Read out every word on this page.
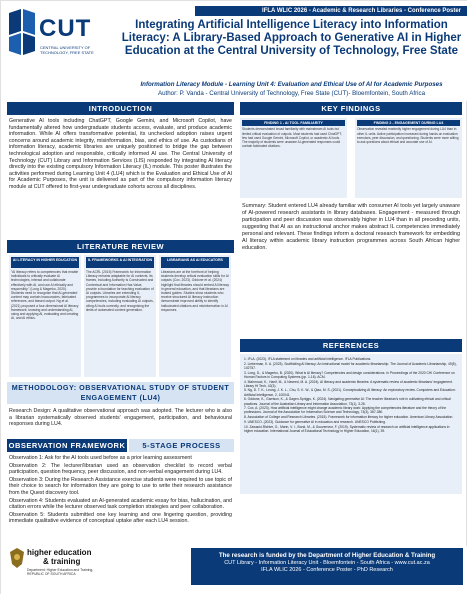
CUT
CENTRAL UNIVERSITY OF TECHNOLOGY, FREE STATE
IFLA WLIC 2026 - Academic & Research Libraries - Conference Poster
Integrating Artificial Intelligence Literacy into Information Literacy: A Library-Based Approach to Generative AI in Higher Education at the Central University of Technology, Free State
Information Literacy Module - Learning Unit 4: Evaluation and Ethical Use of AI for Academic Purposes
Author: P. Vanda - Central University of Technology, Free State (CUT)- Bloemfontein, South Africa
INTRODUCTION
Generative AI tools including ChatGPT, Google Gemini, and Microsoft Copilot, have fundamentally altered how undergraduate students access, evaluate, and produce academic information. While AI offers transformative potential, its unchecked adoption raises urgent concerns around academic integrity, misinformation, bias, and ethics of use. As custodians of information literacy, academic libraries are uniquely positioned to bridge the gap between technological adoption and responsible, critically informed AI use. The Central University of Technology (CUT) Library and Information Services (LIS) responded by integrating AI literacy directly into the existing compulsory Information Literacy (IL) module. This poster illustrates the activities performed during Learning Unit 4 (LU4) which is the Evaluation and Ethical Use of AI for Academic Purposes, the unit is delivered as part of the compulsory information literacy module at CUT offered to first-year undergraduate cohorts across all disciplines.
LITERATURE REVIEW
AI LITERACY IN HIGHER EDUCATION
"AI literacy refers to competencies that enable individuals to critically evaluate AI technologies, interact and collaborate effectively with AI, and use AI ethically and responsibly." (Long & Magerko, 2020). Students need to recognise that AI-generated content may contain inaccuracies, fabricated references, and biased output. Ng et al. (2021) proposed a four-dimensional AI literacy framework: knowing and understanding AI, using and applying AI, evaluating and creating AI, and AI ethics.
IL FRAMEWORKS & AI INTEGRATION
The ACRL (2015) Framework for Information Literacy remains adaptable for AI contexts. Its frames, including Authority Is Constructed and Contextual and Information Has Value, provide a foundation for teaching evaluation of AI outputs. Libraries are extending IL programmes to incorporate AI literacy competencies, including evaluating AI outputs, citing AI tools correctly, and recognising the limits of automated content generation.
LIBRARIANS AS AI EDUCATORS
Librarians are at the forefront of helping students develop critical evaluation skills for AI outputs (Cox, 2023). Oddone et al. (2024) highlight that libraries should embed AI literacy in general education, and that librarians are trusted guides. Studies show students who receive structured AI literacy instruction demonstrate improved ability to identify hallucinated citations and misinformation in AI responses.
METHODOLOGY: OBSERVATIONAL STUDY OF STUDENT ENGAGEMENT (LU4)
Research Design: A qualitative observational approach was adopted. The lecturer who is also a librarian systematically observed students' engagement, participation, and behavioural responses during LU4.
OBSERVATION FRAMEWORK	5-STAGE PROCESS
Observation 1: Ask for the AI tools used before as a prior learning assessment
Observation 2: The lecturer/librarian used an observation checklist to record verbal participation, question frequency, peer discussion, and non-verbal engagement during LU4.
Observation 3: During the Research Assistance exercise students were required to use topic of their choice to search for information they are going to use to write their research assistance from the Quest discovery tool.
Observation 4: Students evaluated an AI-generated academic essay for bias, hallucination, and citation errors while the lecturer observed task completion strategies and peer collaboration.
Observation 5: Students submitted one key learning and one lingering question, providing immediate qualitative evidence of conceptual uptake after each LU4 session.
KEY FINDINGS
FINDING 1 - AI TOOL FAMILIARITY
Students demonstrated broad familiarity with mainstream AI tools but limited critical evaluation of outputs. Most students had used ChatGPT; few had used Google Gemini, Microsoft Copilot, or academic AI tools. The majority of students were unaware AI-generated responses could contain fabricated citations.
FINDING 2 - ENGAGEMENT DURING LU4
Observation revealed markedly higher engagement during LU4 than in other IL units. Active participation increased during hands-on evaluation exercises, peer discussion, and questioning. Students were more willing to ask questions about ethical and accurate use of AI.
Summary: Student entered LU4 already familiar with consumer AI tools yet largely unaware of AI-powered research assistants in library databases. Engagement - measured through participation and peer discussion was observably higher in LU4 than in all preceding units, suggesting that AI as an instructional anchor makes abstract IL competencies immediately personal and relevant. These findings inform a doctoral research framework for embedding AI literacy within academic library instruction programmes across South African higher education.
REFERENCES

1. IFLA. (2023). IFLA statement on libraries and artificial intelligence. IFLA Publications.

2. Lieberman, K. A. (2023). Scaffolding AI literacy: An instructional model for academic librarianship. The Journal of Academic Librarianship, 49(5), 102757.

3. Long, D., & Magerko, B. (2020). What is AI literacy? Competencies and design considerations. In Proceedings of the 2020 CHI Conference on Human Factors in Computing Systems (pp. 1-16). ACM.

4. Mahmood, K., Hanif, M., & Naveed, M. A. (2024). AI literacy and academic libraries: A systematic review of academic librarians' engagement. Library Hi Tech, 42(3).

5. Ng, D. T. K., Leung, J. K. L., Chu, S. K. W., & Qiao, M. S. (2021). Conceptualizing AI literacy: An exploratory review. Computers and Education: Artificial Intelligence, 2, 100041.

6. Oddone, K., Garrison, K., & Gagen-Spriggs, K. (2024). Navigating generative AI: The teacher librarian's role in cultivating ethical and critical practices. Journal of the Australian Library and Information Association, 73(1), 3-26.

7. Cox, A. (2023). How artificial intelligence might change academic library work: Applying the competencies literature and the theory of the professions. Journal of the Association for Information Science and Technology, 74(3), 367-380.

8. Association of College and Research Libraries. (2015). Framework for information literacy for higher education. American Library Association.

9. UNESCO. (2023). Guidance for generative AI in education and research. UNESCO Publishing.

10. Zawacki-Richter, O., Marin, V. I., Bond, M., & Gouverneur, F. (2019). Systematic review of research on artificial intelligence applications in higher education. International Journal of Educational Technology in Higher Education, 16(1), 39.

higher education
& training
Department: Higher Education and Training, REPUBLIC OF SOUTH AFRICA
The research is funded by the Department of Higher Education & Training
CUT Library - Information Literacy Unit - Bloemfontein - South Africa - www.cut.ac.za
IFLA WLIC 2026 - Conference Poster - PhD Research
